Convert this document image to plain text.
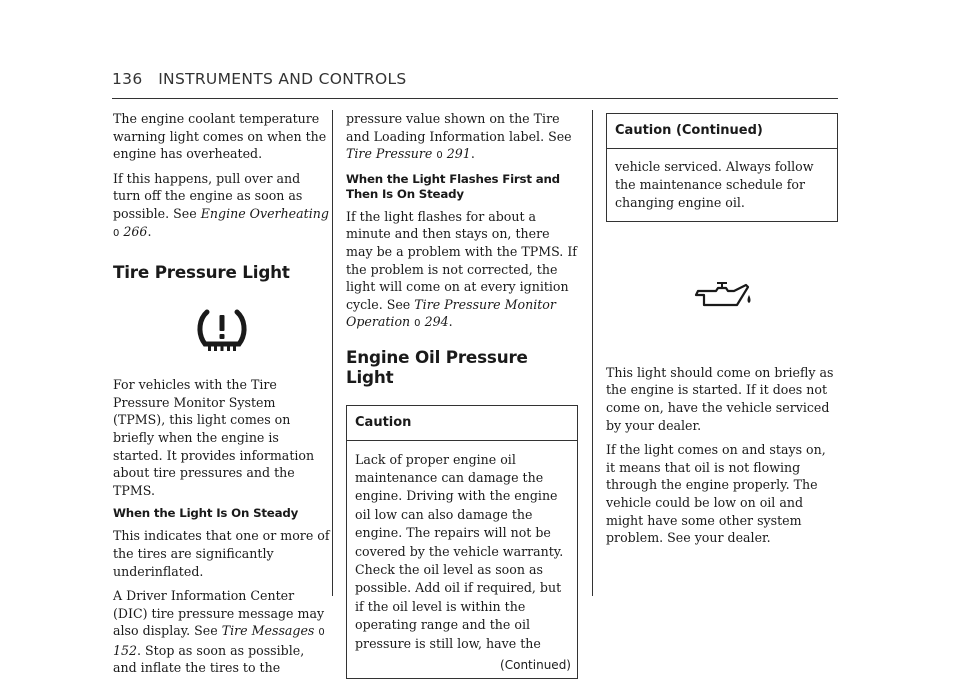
136 INSTRUMENTS AND CONTROLS

The engine coolant temperature warning light comes on when the engine has overheated.

If this happens, pull over and turn off the engine as soon as possible. See Engine Overheating 0 266.

Tire Pressure Light

For vehicles with the Tire Pressure Monitor System (TPMS), this light comes on briefly when the engine is started. It provides information about tire pressures and the TPMS.

When the Light Is On Steady

This indicates that one or more of the tires are significantly underinflated.

A Driver Information Center (DIC) tire pressure message may also display. See Tire Messages 0 152. Stop as soon as possible, and inflate the tires to the

pressure value shown on the Tire and Loading Information label. See Tire Pressure 0 291.

When the Light Flashes First and Then Is On Steady

If the light flashes for about a minute and then stays on, there may be a problem with the TPMS. If the problem is not corrected, the light will come on at every ignition cycle. See Tire Pressure Monitor Operation 0 294.

Engine Oil Pressure Light
Caution

Lack of proper engine oil maintenance can damage the engine. Driving with the engine oil low can also damage the engine. The repairs will not be covered by the vehicle warranty. Check the oil level as soon as possible. Add oil if required, but if the oil level is within the operating range and the oil pressure is still low, have the

(Continued)
Caution (Continued)

vehicle serviced. Always follow the maintenance schedule for changing engine oil.

This light should come on briefly as the engine is started. If it does not come on, have the vehicle serviced by your dealer.

If the light comes on and stays on, it means that oil is not flowing through the engine properly. The vehicle could be low on oil and might have some other system problem. See your dealer.
